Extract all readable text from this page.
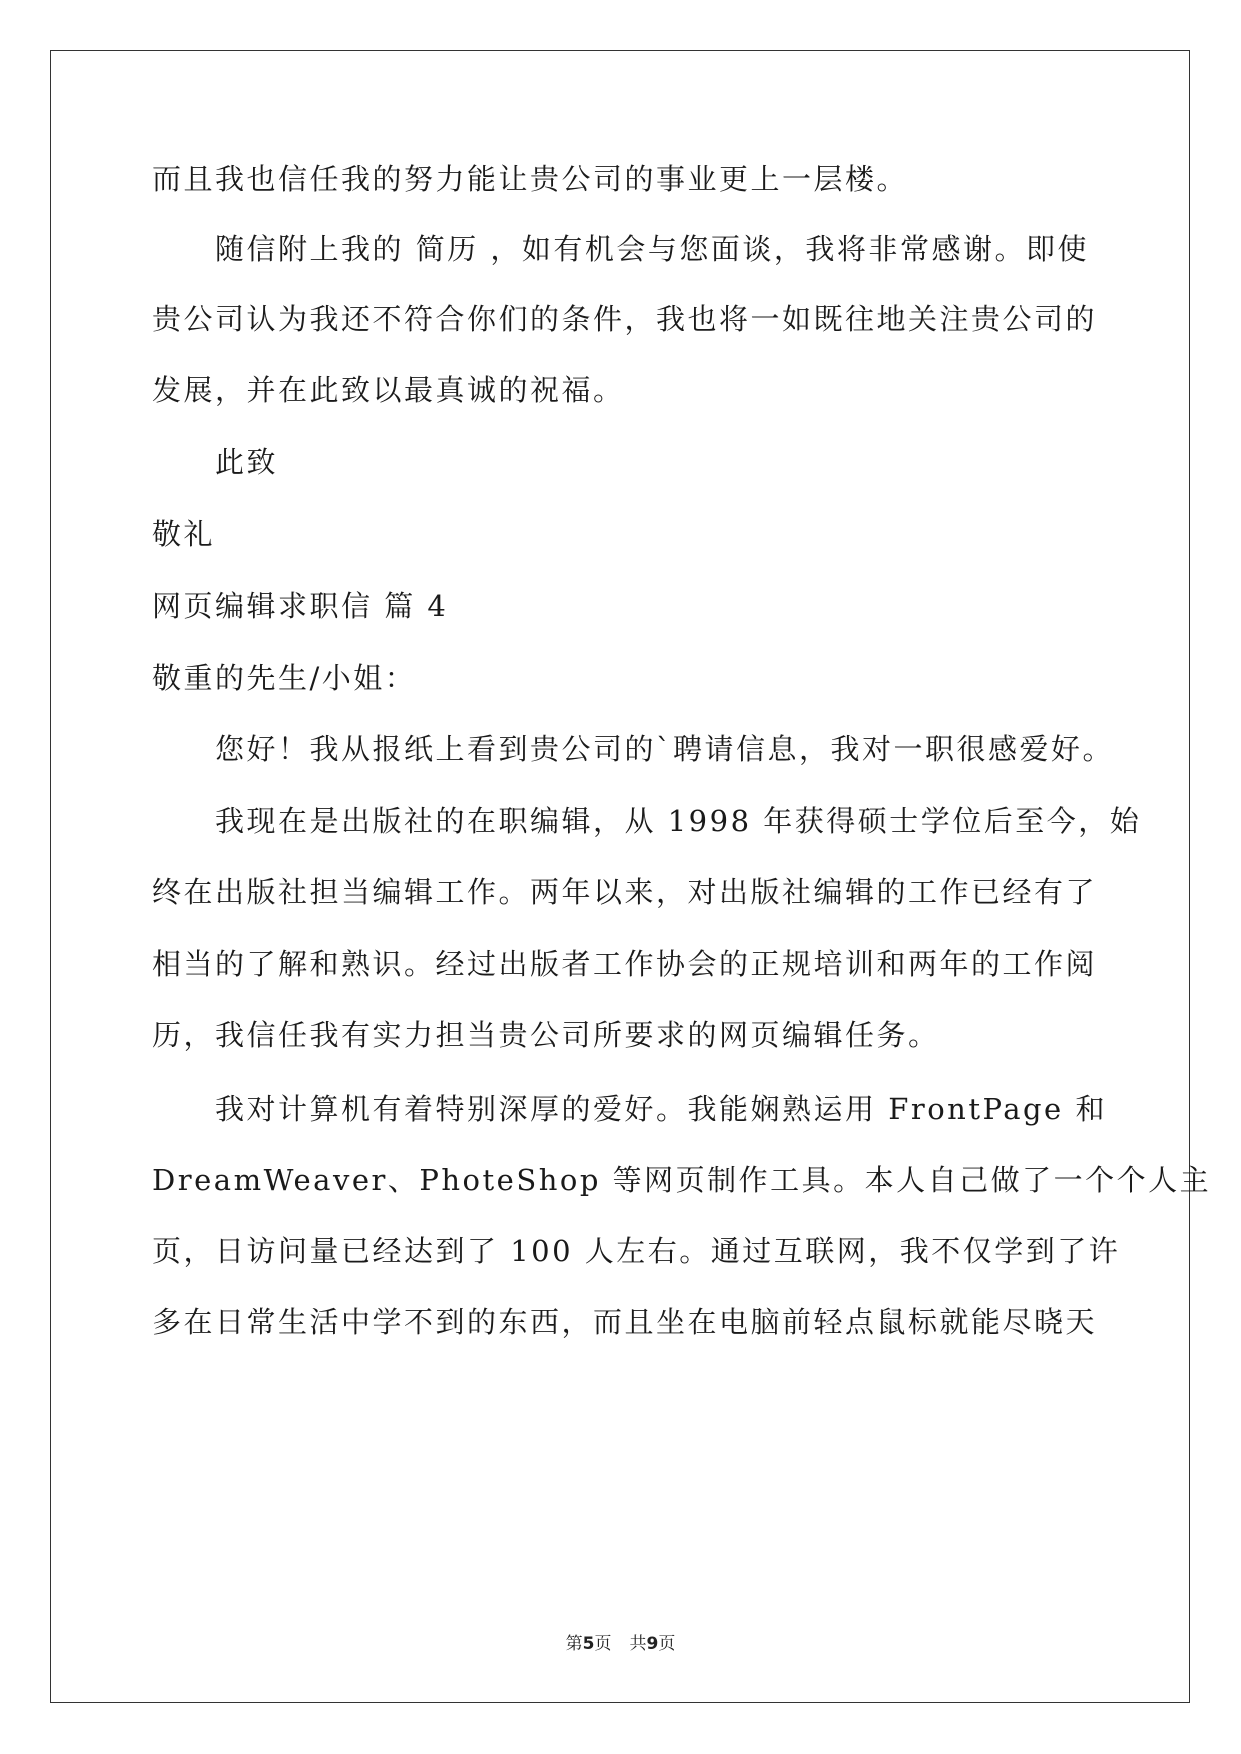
而且我也信任我的努力能让贵公司的事业更上一层楼。
随信附上我的 简历 ，如有机会与您面谈，我将非常感谢。即使
贵公司认为我还不符合你们的条件，我也将一如既往地关注贵公司的
发展，并在此致以最真诚的祝福。
此致
敬礼
网页编辑求职信 篇 4
敬重的先生/小姐：
您好！我从报纸上看到贵公司的`聘请信息，我对一职很感爱好。
我现在是出版社的在职编辑，从 1998 年获得硕士学位后至今，始
终在出版社担当编辑工作。两年以来，对出版社编辑的工作已经有了
相当的了解和熟识。经过出版者工作协会的正规培训和两年的工作阅
历，我信任我有实力担当贵公司所要求的网页编辑任务。
我对计算机有着特别深厚的爱好。我能娴熟运用 FrontPage 和
DreamWeaver、PhoteShop 等网页制作工具。本人自己做了一个个人主
页，日访问量已经达到了 100 人左右。通过互联网，我不仅学到了许
多在日常生活中学不到的东西，而且坐在电脑前轻点鼠标就能尽晓天
第5页 共9页
